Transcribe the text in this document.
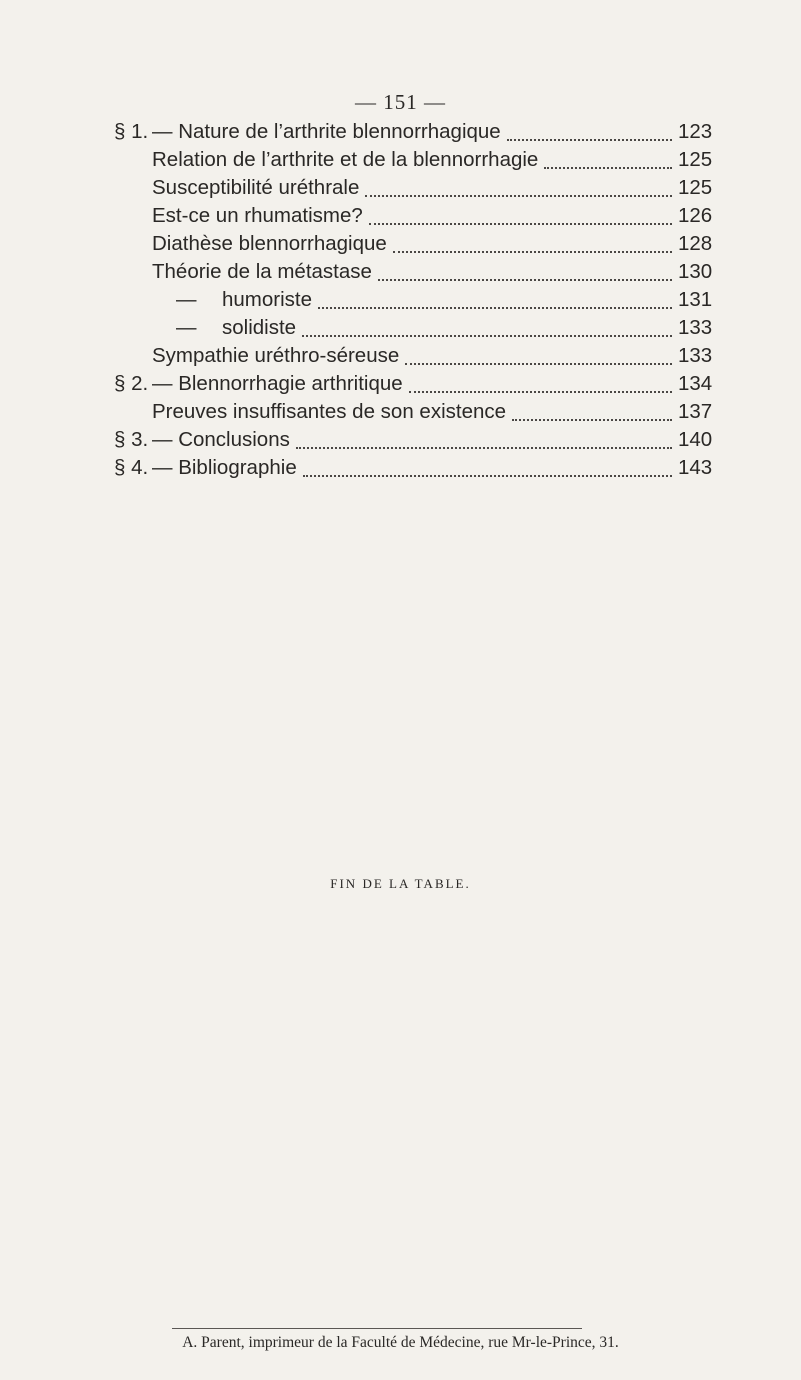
— 151 —
§ 1. — Nature de l’arthrite blennorrhagique	123
Relation de l’arthrite et de la blennorrhagie	125
Susceptibilité uréthrale	125
Est-ce un rhumatisme?	126
Diathèse blennorrhagique	128
Théorie de la métastase	130
—	humoriste	131
—	solidiste	133
Sympathie uréthro-séreuse	133
§ 2. — Blennorrhagie arthritique	134
Preuves insuffisantes de son existence	137
§ 3. — Conclusions	140
§ 4. — Bibliographie	143
FIN DE LA TABLE.
A. Parent, imprimeur de la Faculté de Médecine, rue Mr-le-Prince, 31.
